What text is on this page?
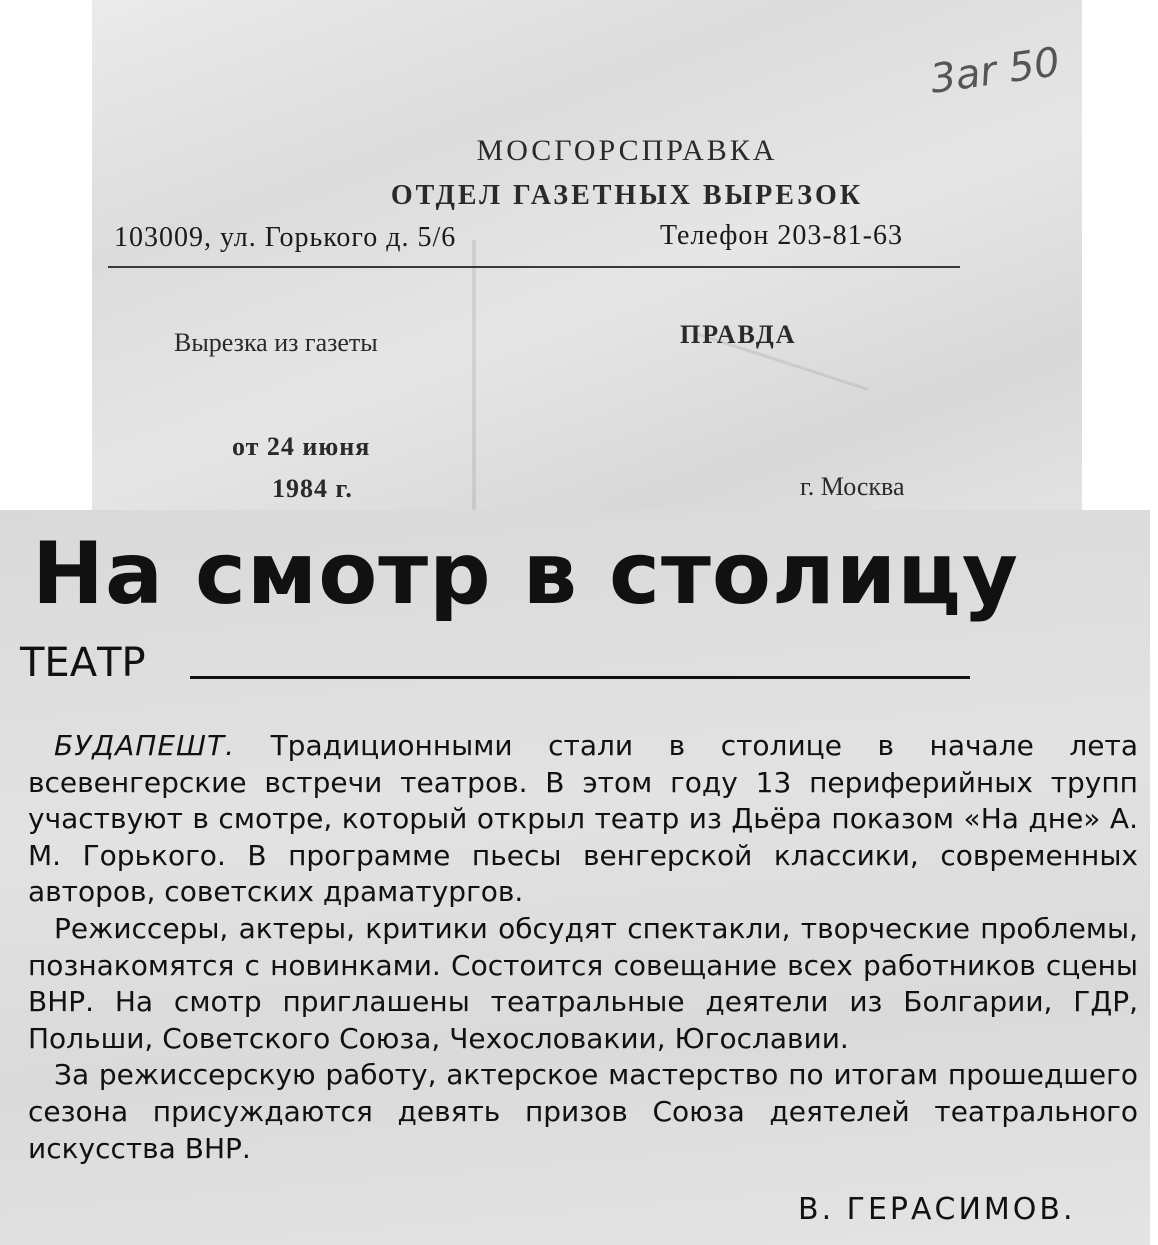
МОСГОРСПРАВКА
ОТДЕЛ ГАЗЕТНЫХ ВЫРЕЗОК
103009, ул. Горького д. 5/6	Телефон 203-81-63
Вырезка из газеты	ПРАВДА
от 24 июня
1984 г.	г. Москва
3ar 50
На смотр в столицу
ТЕАТР

БУДАПЕШТ. Традиционными стали в столице в начале лета всевенгерские встречи театров. В этом году 13 периферийных трупп участвуют в смотре, который открыл театр из Дьёра показом «На дне» А. М. Горького. В программе пьесы венгерской классики, современных авторов, советских драматургов.

Режиссеры, актеры, критики обсудят спектакли, творческие проблемы, познакомятся с новинками. Состоится совещание всех работников сцены ВНР. На смотр приглашены театральные деятели из Болгарии, ГДР, Польши, Советского Союза, Чехословакии, Югославии.

За режиссерскую работу, актерское мастерство по итогам прошедшего сезона присуждаются девять призов Союза деятелей театрального искусства ВНР.

В. ГЕРАСИМОВ.
